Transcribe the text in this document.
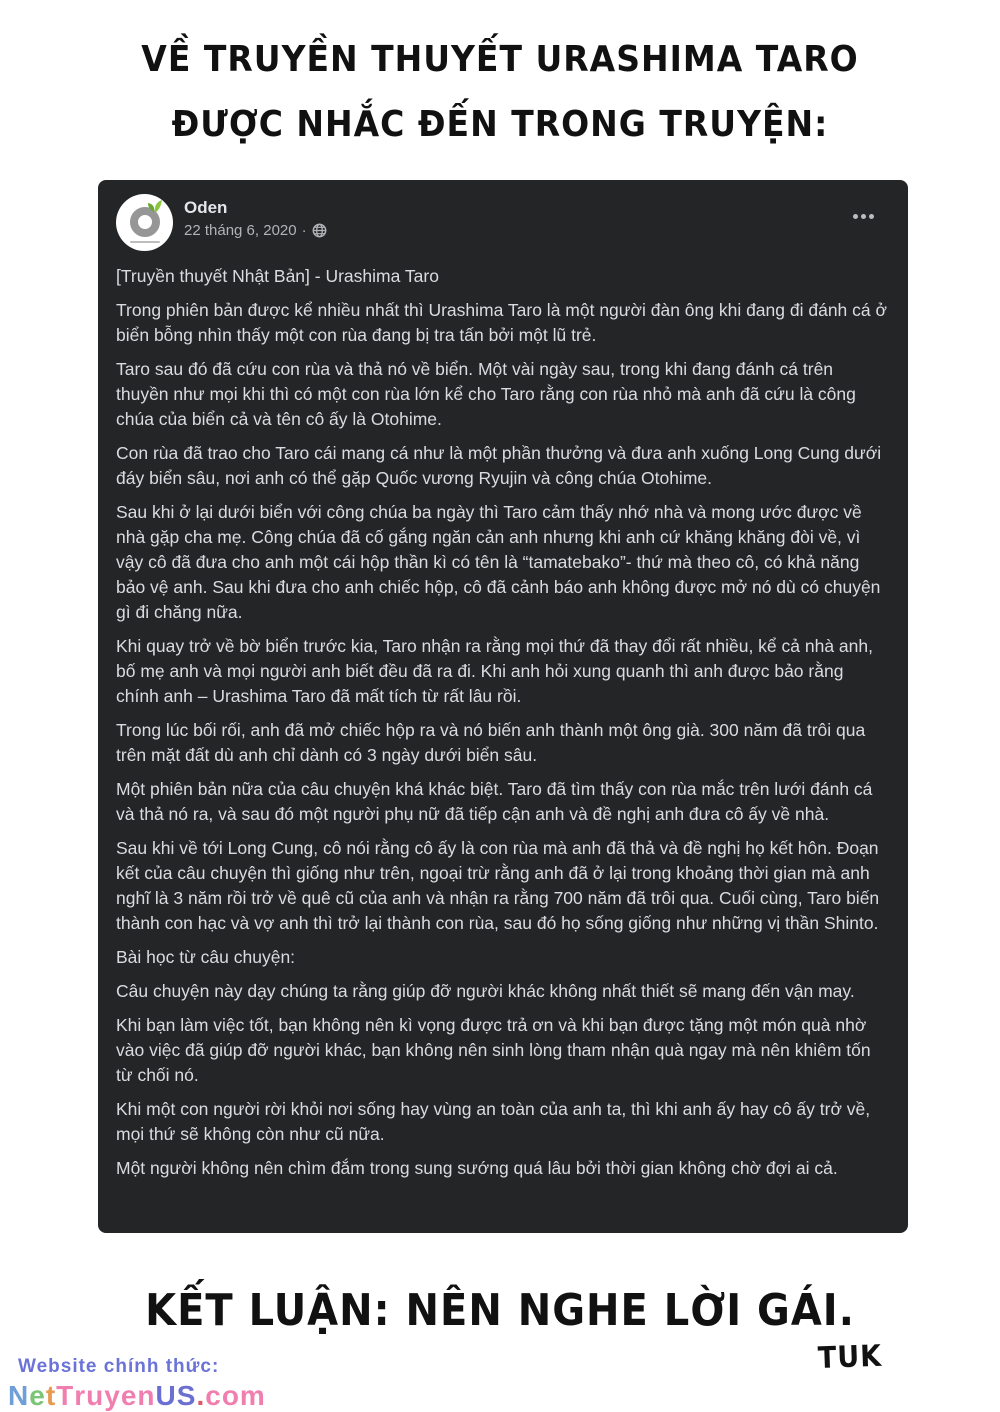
VỀ TRUYỀN THUYẾT URASHIMA TARO
ĐƯỢC NHẮC ĐẾN TRONG TRUYỆN:
Oden
22 tháng 6, 2020 ·

[Truyền thuyết Nhật Bản] - Urashima Taro

Trong phiên bản được kể nhiều nhất thì Urashima Taro là một người đàn ông khi đang đi đánh cá ở biển bỗng nhìn thấy một con rùa đang bị tra tấn bởi một lũ trẻ.

Taro sau đó đã cứu con rùa và thả nó về biển. Một vài ngày sau, trong khi đang đánh cá trên thuyền như mọi khi thì có một con rùa lớn kể cho Taro rằng con rùa nhỏ mà anh đã cứu là công chúa của biển cả và tên cô ấy là Otohime.

Con rùa đã trao cho Taro cái mang cá như là một phần thưởng và đưa anh xuống Long Cung dưới đáy biển sâu, nơi anh có thể gặp Quốc vương Ryujin và công chúa Otohime.

Sau khi ở lại dưới biển với công chúa ba ngày thì Taro cảm thấy nhớ nhà và mong ước được về nhà gặp cha mẹ. Công chúa đã cố gắng ngăn cản anh nhưng khi anh cứ khăng khăng đòi về, vì vậy cô đã đưa cho anh một cái hộp thần kì có tên là “tamatebako”- thứ mà theo cô, có khả năng bảo vệ anh. Sau khi đưa cho anh chiếc hộp, cô đã cảnh báo anh không được mở nó dù có chuyện gì đi chăng nữa.

Khi quay trở về bờ biển trước kia, Taro nhận ra rằng mọi thứ đã thay đổi rất nhiều, kể cả nhà anh, bố mẹ anh và mọi người anh biết đều đã ra đi. Khi anh hỏi xung quanh thì anh được bảo rằng chính anh – Urashima Taro đã mất tích từ rất lâu rồi.

Trong lúc bối rối, anh đã mở chiếc hộp ra và nó biến anh thành một ông già. 300 năm đã trôi qua trên mặt đất dù anh chỉ dành có 3 ngày dưới biển sâu.

Một phiên bản nữa của câu chuyện khá khác biệt. Taro đã tìm thấy con rùa mắc trên lưới đánh cá và thả nó ra, và sau đó một người phụ nữ đã tiếp cận anh và đề nghị anh đưa cô ấy về nhà.

Sau khi về tới Long Cung, cô nói rằng cô ấy là con rùa mà anh đã thả và đề nghị họ kết hôn. Đoạn kết của câu chuyện thì giống như trên, ngoại trừ rằng anh đã ở lại trong khoảng thời gian mà anh nghĩ là 3 năm rồi trở về quê cũ của anh và nhận ra rằng 700 năm đã trôi qua. Cuối cùng, Taro biến thành con hạc và vợ anh thì trở lại thành con rùa, sau đó họ sống giống như những vị thần Shinto.

Bài học từ câu chuyện:

Câu chuyện này dạy chúng ta rằng giúp đỡ người khác không nhất thiết sẽ mang đến vận may.

Khi bạn làm việc tốt, bạn không nên kì vọng được trả ơn và khi bạn được tặng một món quà nhờ vào việc đã giúp đỡ người khác, bạn không nên sinh lòng tham nhận quà ngay mà nên khiêm tốn từ chối nó.

Khi một con người rời khỏi nơi sống hay vùng an toàn của anh ta, thì khi anh ấy hay cô ấy trở về, mọi thứ sẽ không còn như cũ nữa.

Một người không nên chìm đắm trong sung sướng quá lâu bởi thời gian không chờ đợi ai cả.

KẾT LUẬN: NÊN NGHE LỜI GÁI.
TUK
Website chính thức:
NetTruyenUS.com
